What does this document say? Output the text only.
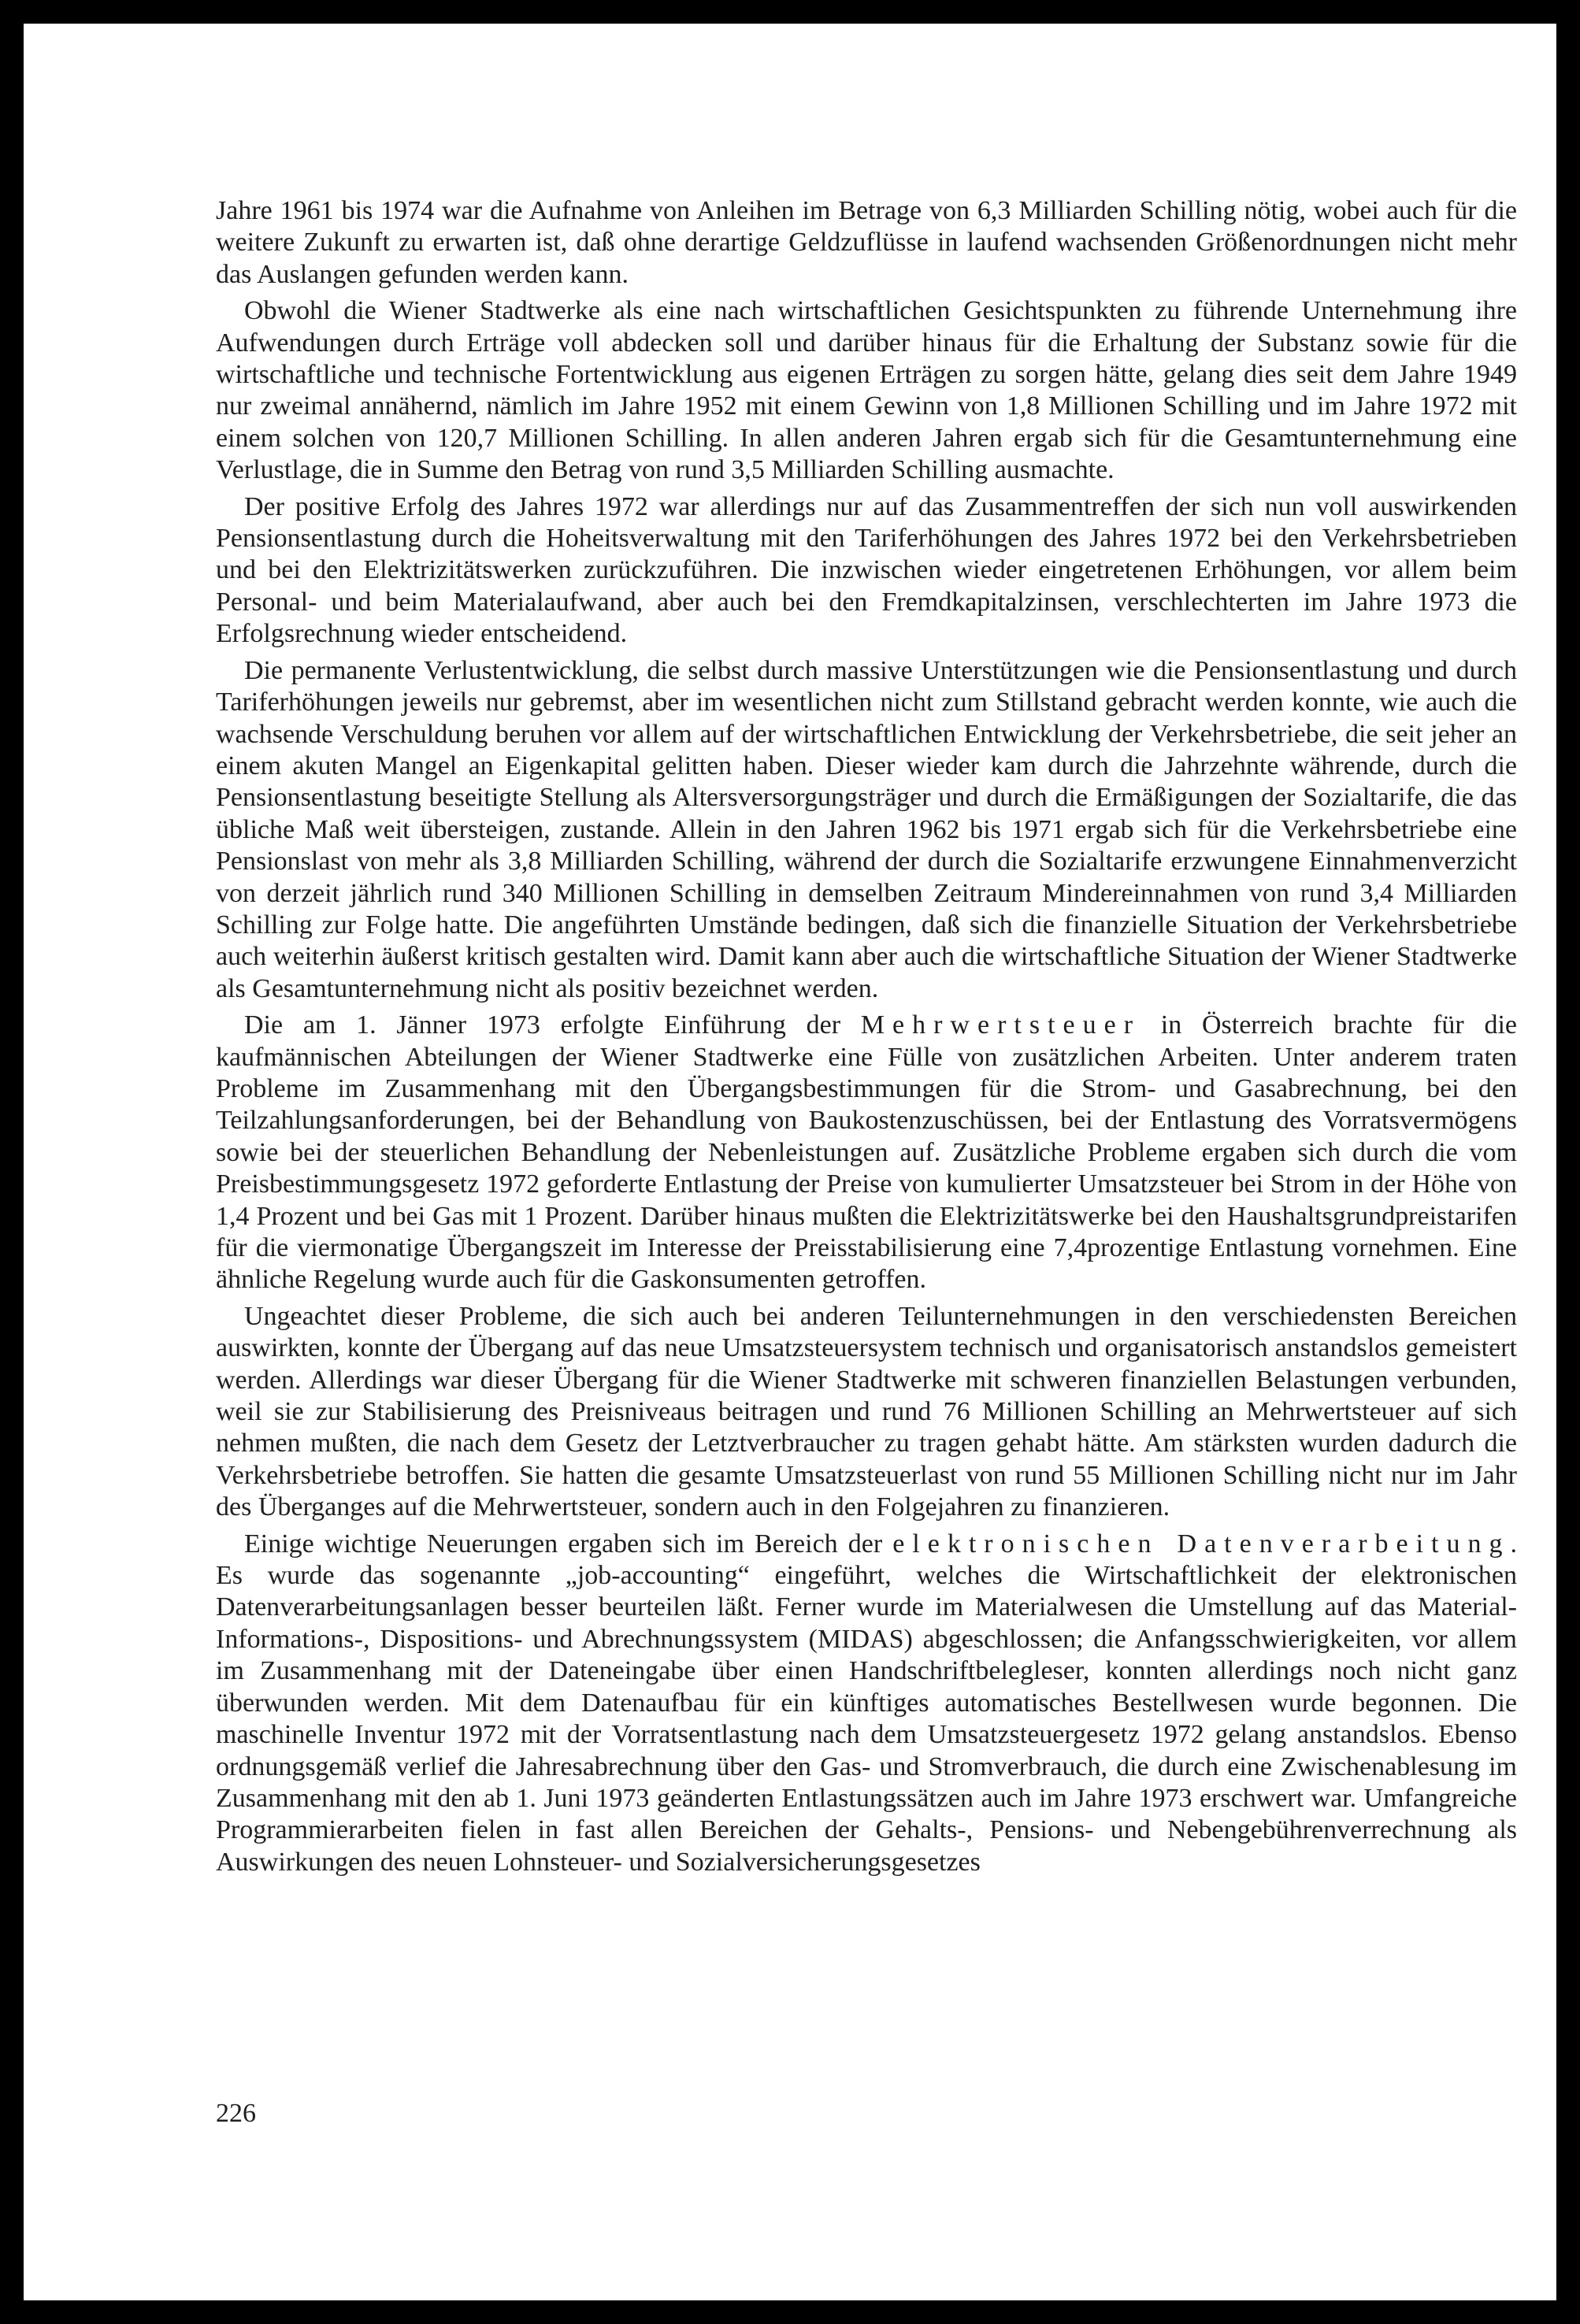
Jahre 1961 bis 1974 war die Aufnahme von Anleihen im Betrage von 6,3 Milliarden Schilling nötig, wobei auch für die weitere Zukunft zu erwarten ist, daß ohne derartige Geldzuflüsse in laufend wachsenden Größenordnungen nicht mehr das Auslangen gefunden werden kann.

Obwohl die Wiener Stadtwerke als eine nach wirtschaftlichen Gesichtspunkten zu führende Unternehmung ihre Aufwendungen durch Erträge voll abdecken soll und darüber hinaus für die Erhaltung der Substanz sowie für die wirtschaftliche und technische Fortentwicklung aus eigenen Erträgen zu sorgen hätte, gelang dies seit dem Jahre 1949 nur zweimal annähernd, nämlich im Jahre 1952 mit einem Gewinn von 1,8 Millionen Schilling und im Jahre 1972 mit einem solchen von 120,7 Millionen Schilling. In allen anderen Jahren ergab sich für die Gesamtunternehmung eine Verlustlage, die in Summe den Betrag von rund 3,5 Milliarden Schilling ausmachte.

Der positive Erfolg des Jahres 1972 war allerdings nur auf das Zusammentreffen der sich nun voll auswirkenden Pensionsentlastung durch die Hoheitsverwaltung mit den Tariferhöhungen des Jahres 1972 bei den Verkehrsbetrieben und bei den Elektrizitätswerken zurückzuführen. Die inzwischen wieder eingetretenen Erhöhungen, vor allem beim Personal- und beim Materialaufwand, aber auch bei den Fremdkapitalzinsen, verschlechterten im Jahre 1973 die Erfolgsrechnung wieder entscheidend.

Die permanente Verlustentwicklung, die selbst durch massive Unterstützungen wie die Pensionsentlastung und durch Tariferhöhungen jeweils nur gebremst, aber im wesentlichen nicht zum Stillstand gebracht werden konnte, wie auch die wachsende Verschuldung beruhen vor allem auf der wirtschaftlichen Entwicklung der Verkehrsbetriebe, die seit jeher an einem akuten Mangel an Eigenkapital gelitten haben. Dieser wieder kam durch die Jahrzehnte währende, durch die Pensionsentlastung beseitigte Stellung als Altersversorgungsträger und durch die Ermäßigungen der Sozialtarife, die das übliche Maß weit übersteigen, zustande. Allein in den Jahren 1962 bis 1971 ergab sich für die Verkehrsbetriebe eine Pensionslast von mehr als 3,8 Milliarden Schilling, während der durch die Sozialtarife erzwungene Einnahmenverzicht von derzeit jährlich rund 340 Millionen Schilling in demselben Zeitraum Mindereinnahmen von rund 3,4 Milliarden Schilling zur Folge hatte. Die angeführten Umstände bedingen, daß sich die finanzielle Situation der Verkehrsbetriebe auch weiterhin äußerst kritisch gestalten wird. Damit kann aber auch die wirtschaftliche Situation der Wiener Stadtwerke als Gesamtunternehmung nicht als positiv bezeichnet werden.

Die am 1. Jänner 1973 erfolgte Einführung der Mehrwertsteuer in Österreich brachte für die kaufmännischen Abteilungen der Wiener Stadtwerke eine Fülle von zusätzlichen Arbeiten. Unter anderem traten Probleme im Zusammenhang mit den Übergangsbestimmungen für die Strom- und Gasabrechnung, bei den Teilzahlungsanforderungen, bei der Behandlung von Baukostenzuschüssen, bei der Entlastung des Vorratsvermögens sowie bei der steuerlichen Behandlung der Nebenleistungen auf. Zusätzliche Probleme ergaben sich durch die vom Preisbestimmungsgesetz 1972 geforderte Entlastung der Preise von kumulierter Umsatzsteuer bei Strom in der Höhe von 1,4 Prozent und bei Gas mit 1 Prozent. Darüber hinaus mußten die Elektrizitätswerke bei den Haushaltsgrundpreistarifen für die viermonatige Übergangszeit im Interesse der Preisstabilisierung eine 7,4prozentige Entlastung vornehmen. Eine ähnliche Regelung wurde auch für die Gaskonsumenten getroffen.

Ungeachtet dieser Probleme, die sich auch bei anderen Teilunternehmungen in den verschiedensten Bereichen auswirkten, konnte der Übergang auf das neue Umsatzsteuersystem technisch und organisatorisch anstandslos gemeistert werden. Allerdings war dieser Übergang für die Wiener Stadtwerke mit schweren finanziellen Belastungen verbunden, weil sie zur Stabilisierung des Preisniveaus beitragen und rund 76 Millionen Schilling an Mehrwertsteuer auf sich nehmen mußten, die nach dem Gesetz der Letztverbraucher zu tragen gehabt hätte. Am stärksten wurden dadurch die Verkehrsbetriebe betroffen. Sie hatten die gesamte Umsatzsteuerlast von rund 55 Millionen Schilling nicht nur im Jahr des Überganges auf die Mehrwertsteuer, sondern auch in den Folgejahren zu finanzieren.

Einige wichtige Neuerungen ergaben sich im Bereich der elektronischen Datenverarbeitung. Es wurde das sogenannte „job-accounting“ eingeführt, welches die Wirtschaftlichkeit der elektronischen Datenverarbeitungsanlagen besser beurteilen läßt. Ferner wurde im Materialwesen die Umstellung auf das Material-Informations-, Dispositions- und Abrechnungssystem (MIDAS) abgeschlossen; die Anfangsschwierigkeiten, vor allem im Zusammenhang mit der Dateneingabe über einen Handschriftbelegleser, konnten allerdings noch nicht ganz überwunden werden. Mit dem Datenaufbau für ein künftiges automatisches Bestellwesen wurde begonnen. Die maschinelle Inventur 1972 mit der Vorratsentlastung nach dem Umsatzsteuergesetz 1972 gelang anstandslos. Ebenso ordnungsgemäß verlief die Jahresabrechnung über den Gas- und Stromverbrauch, die durch eine Zwischenablesung im Zusammenhang mit den ab 1. Juni 1973 geänderten Entlastungssätzen auch im Jahre 1973 erschwert war. Umfangreiche Programmierarbeiten fielen in fast allen Bereichen der Gehalts-, Pensions- und Nebengebührenverrechnung als Auswirkungen des neuen Lohnsteuer- und Sozialversicherungsgesetzes

226
